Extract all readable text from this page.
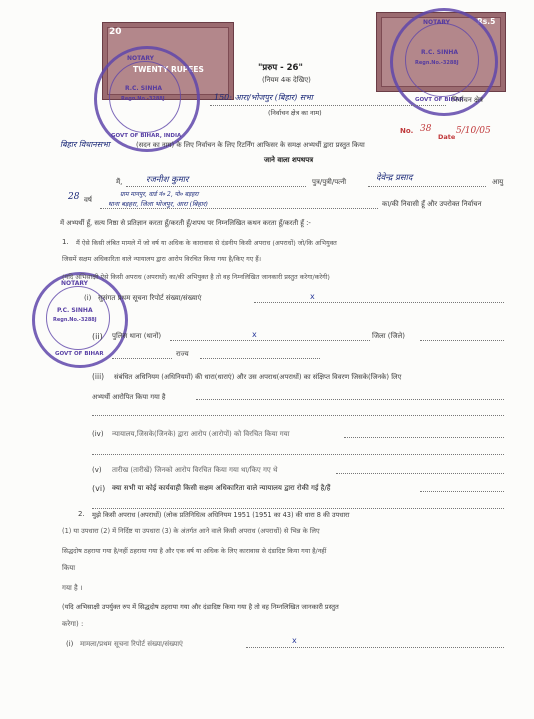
20
TWENTY RUPEES
Rs.5
NOTARY
R.C. SINHA
Regn.No.-3288J
GOVT OF BIHAR, INDIA
NOTARY
R.C. SINHA
Regn.No.-3288J
GOVT OF BIHAR
NOTARY
P.C. SINHA
Regn.No.-3288J
GOVT OF BIHAR
"प्ररुप - 26"
(नियम 4क देखिए)
150: आरा/भोजपुर (बिहार) सभा	निर्वाचन क्षेत्र
(निर्वाचन क्षेत्र का नाम)
No. 38
Date
5/10/05
बिहार विधानसभा	(सदन का नाम) के लिए निर्वाचन के लिए रिटर्निंग आफिसर के समक्ष अभ्यर्थी द्वारा प्रस्तुत किया
जाने वाला शपथपत्र
मैं,	रजनीश कुमार	पुत्र/पुत्री/पत्नी	देवेन्द्र प्रसाद	आयु
28 वर्ष
ग्राम मानपुर, वार्ड नं० 2, पो० बड़हरा
थाना बड़हरा, जिला भोजपुर, आरा (बिहार)	का/की निवासी हूँ और उपरोक्त निर्वाचन
में अभ्यर्थी हूँ, सत्य निष्ठा से प्रतिज्ञान करता हूँ/करती हूँ/शपथ पर निम्नलिखित कथन करता हूँ/करती हूँ :-
1. मैं ऐसे किसी लंबित मामले में जो वर्ष या अधिक के कारावास से दंडनीय किसी अपराध (अपराधों) जो/कि अभियुक्त
जिसमें सक्षम अधिकारिता वाले न्यायालय द्वारा आरोप विरचित किया गया है/किए गए हैं।
(यदि अभिसाक्षी ऐसे किसी अपराध (अपराधों) का/की अभियुक्त है तो वह निम्नलिखित जानकारी प्रस्तुत करेगा/करेगी)
(i) सुसंगत प्रथम सूचना रिपोर्ट संख्या/संख्याएं	x
(ii) पुलिस थाना (थानों)	x	जिला (जिले)
राज्य
(iii) संबंधित अधिनियम (अधिनियमों) की धारा(धाराएं) और उस अपराध(अपराधों) का संक्षिप्त विवरण जिसके(जिनके) लिए
अभ्यर्थी आरोपित किया गया है
(iv) न्यायालय,जिसके(जिनके) द्वारा आरोप (आरोपों) को विरचित किया गया
(v) तारीख (तारीखें) जिनको आरोप विरचित किया गया था/किए गए थे
(vi) क्या सभी या कोई कार्यवाही किसी सक्षम अधिकारिता वाले न्यायालय द्वारा रोकी गई है/हैं
2. मुझे किसी अपराध (अपराधों) (लोक प्रतिनिधित्व अधिनियम 1951 (1951 का 43) की धारा 8 की उपधारा
(1) या उपधारा (2) में निर्दिष्ट या उपधारा (3) के अंतर्गत आने वाले किसी अपराध (अपराधों) से भिन्न के लिए
सिद्धदोष ठहराया गया है/नहीं ठहराया गया है और एक वर्ष या अधिक के लिए कारावास से दंडादिष्ट किया गया है/नहीं
किया
गया है ।
(यदि अभिसाक्षी उपर्युक्त रुप में सिद्धदोष ठहराया गया और दंडादिष्ट किया गया है तो वह निम्नलिखित जानकारी प्रस्तुत
करेगा) :
(i) मामला/प्रथम सूचना रिपोर्ट संख्या/संख्याएं	x
